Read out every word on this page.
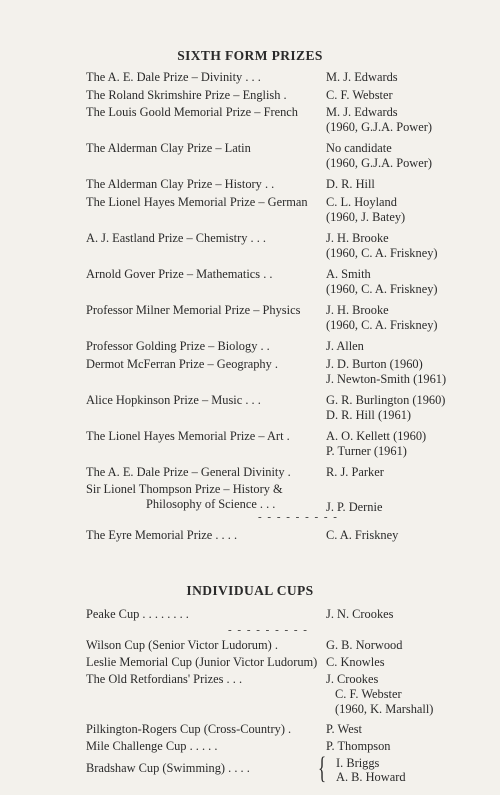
SIXTH FORM PRIZES
The A. E. Dale Prize – Divinity . . .	M. J. Edwards
The Roland Skrimshire Prize – English .	C. F. Webster
The Louis Goold Memorial Prize – French M. J. Edwards
(1960, G.J.A. Power)
The Alderman Clay Prize – Latin	No candidate
(1960, G.J.A. Power)
The Alderman Clay Prize – History . .	D. R. Hill
The Lionel Hayes Memorial Prize – German C. L. Hoyland
(1960, J. Batey)
A. J. Eastland Prize – Chemistry . . .	J. H. Brooke
(1960, C. A. Friskney)
Arnold Gover Prize – Mathematics . .	A. Smith
(1960, C. A. Friskney)
Professor Milner Memorial Prize – Physics J. H. Brooke
(1960, C. A. Friskney)
Professor Golding Prize – Biology . .	J. Allen
Dermot McFerran Prize – Geography .	J. D. Burton (1960)
J. Newton-Smith (1961)
Alice Hopkinson Prize – Music . . .	G. R. Burlington (1960)
D. R. Hill (1961)
The Lionel Hayes Memorial Prize – Art .	A. O. Kellett (1960)
P. Turner (1961)
The A. E. Dale Prize – General Divinity .	R. J. Parker
Sir Lionel Thompson Prize – History &
Philosophy of Science . . .	J. P. Dernie
- - - - - - - - -
The Eyre Memorial Prize . . . .	C. A. Friskney
INDIVIDUAL CUPS
Peake Cup . . . . . . . .	J. N. Crookes
- - - - - - - - -
Wilson Cup (Senior Victor Ludorum) .	G. B. Norwood
Leslie Memorial Cup (Junior Victor Ludorum) C. Knowles
The Old Retfordians' Prizes . . .	J. Crookes
C. F. Webster
(1960, K. Marshall)
Pilkington-Rogers Cup (Cross-Country) .	P. West
Mile Challenge Cup . . . . .	P. Thompson
Bradshaw Cup (Swimming) . . . . { I. Briggs
A. B. Howard
